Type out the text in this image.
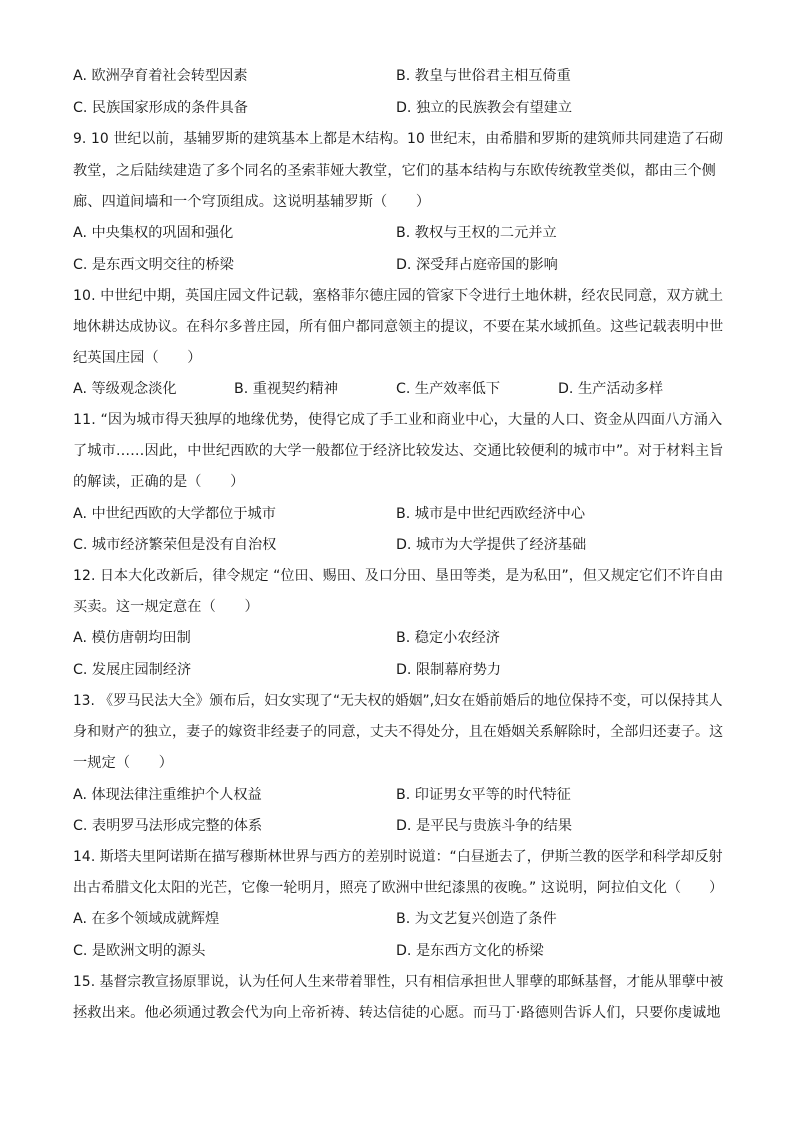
A. 欧洲孕育着社会转型因素	B. 教皇与世俗君主相互倚重
C. 民族国家形成的条件具备	D. 独立的民族教会有望建立
9. 10 世纪以前，基辅罗斯的建筑基本上都是木结构。10 世纪末，由希腊和罗斯的建筑师共同建造了石砌
教堂，之后陆续建造了多个同名的圣索菲娅大教堂，它们的基本结构与东欧传统教堂类似，都由三个侧
廊、四道间墙和一个穹顶组成。这说明基辅罗斯（　　）
A. 中央集权的巩固和强化	B. 教权与王权的二元并立
C. 是东西文明交往的桥梁	D. 深受拜占庭帝国的影响
10. 中世纪中期，英国庄园文件记载，塞格菲尔德庄园的管家下令进行土地休耕，经农民同意，双方就土
地休耕达成协议。在科尔多普庄园，所有佃户都同意领主的提议，不要在某水域抓鱼。这些记载表明中世
纪英国庄园（　　）
A. 等级观念淡化	B. 重视契约精神	C. 生产效率低下	D. 生产活动多样
11. “因为城市得天独厚的地缘优势，使得它成了手工业和商业中心，大量的人口、资金从四面八方涌入
了城市……因此，中世纪西欧的大学一般都位于经济比较发达、交通比较便利的城市中”。对于材料主旨
的解读，正确的是（　　）
A. 中世纪西欧的大学都位于城市	B. 城市是中世纪西欧经济中心
C. 城市经济繁荣但是没有自治权	D. 城市为大学提供了经济基础
12. 日本大化改新后，律令规定 “位田、赐田、及口分田、垦田等类，是为私田”，但又规定它们不许自由
买卖。这一规定意在（　　）
A. 模仿唐朝均田制	B. 稳定小农经济
C. 发展庄园制经济	D. 限制幕府势力
13. 《罗马民法大全》颁布后，妇女实现了“无夫权的婚姻”,妇女在婚前婚后的地位保持不变，可以保持其人
身和财产的独立，妻子的嫁资非经妻子的同意，丈夫不得处分，且在婚姻关系解除时，全部归还妻子。这
一规定（　　）
A. 体现法律注重维护个人权益	B. 印证男女平等的时代特征
C. 表明罗马法形成完整的体系	D. 是平民与贵族斗争的结果
14. 斯塔夫里阿诺斯在描写穆斯林世界与西方的差别时说道：“白昼逝去了，伊斯兰教的医学和科学却反射
出古希腊文化太阳的光芒，它像一轮明月，照亮了欧洲中世纪漆黑的夜晚。” 这说明，阿拉伯文化（　　）
A. 在多个领域成就辉煌	B. 为文艺复兴创造了条件
C. 是欧洲文明的源头	D. 是东西方文化的桥梁
15. 基督宗教宣扬原罪说，认为任何人生来带着罪性，只有相信承担世人罪孽的耶稣基督，才能从罪孽中被
拯救出来。他必须通过教会代为向上帝祈祷、转达信徒的心愿。而马丁·路德则告诉人们，只要你虔诚地
